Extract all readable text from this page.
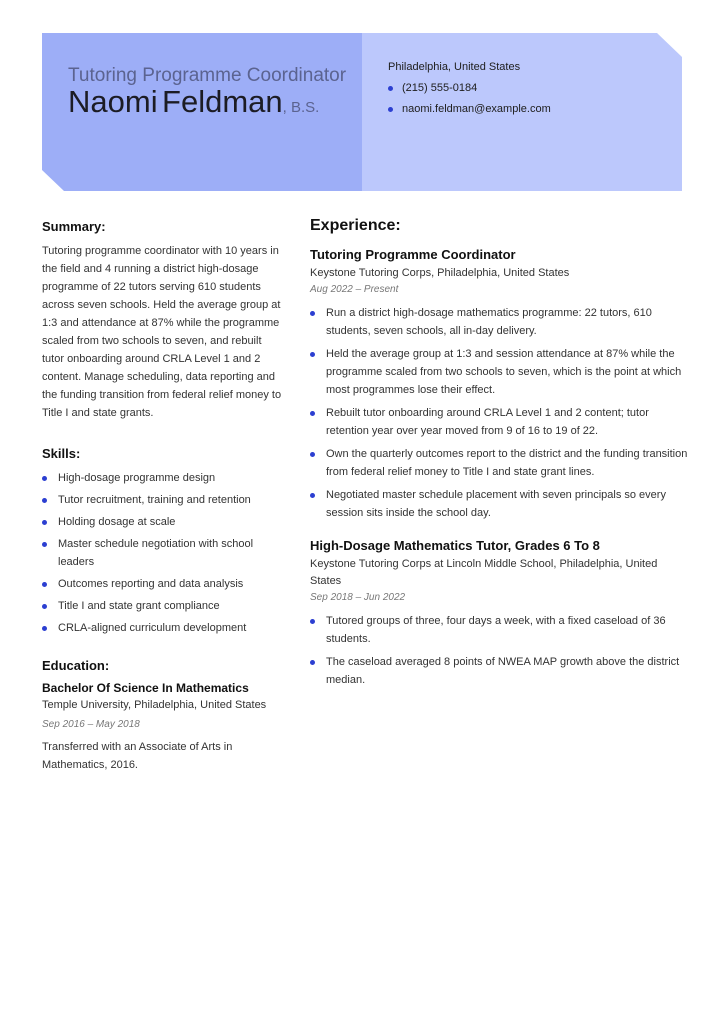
Tutoring Programme Coordinator Naomi Feldman, B.S.
Philadelphia, United States
(215) 555-0184
naomi.feldman@example.com
Summary:

Tutoring programme coordinator with 10 years in the field and 4 running a district high-dosage programme of 22 tutors serving 610 students across seven schools. Held the average group at 1:3 and attendance at 87% while the programme scaled from two schools to seven, and rebuilt tutor onboarding around CRLA Level 1 and 2 content. Manage scheduling, data reporting and the funding transition from federal relief money to Title I and state grants.

Skills:
High-dosage programme design
Tutor recruitment, training and retention
Holding dosage at scale
Master schedule negotiation with school leaders
Outcomes reporting and data analysis
Title I and state grant compliance
CRLA-aligned curriculum development
Education:
Bachelor Of Science In Mathematics
Temple University, Philadelphia, United States
Sep 2016 – May 2018
Transferred with an Associate of Arts in Mathematics, 2016.
Experience:
Tutoring Programme Coordinator
Keystone Tutoring Corps, Philadelphia, United States
Aug 2022 – Present
Run a district high-dosage mathematics programme: 22 tutors, 610 students, seven schools, all in-day delivery.
Held the average group at 1:3 and session attendance at 87% while the programme scaled from two schools to seven, which is the point at which most programmes lose their effect.
Rebuilt tutor onboarding around CRLA Level 1 and 2 content; tutor retention year over year moved from 9 of 16 to 19 of 22.
Own the quarterly outcomes report to the district and the funding transition from federal relief money to Title I and state grant lines.
Negotiated master schedule placement with seven principals so every session sits inside the school day.
High-Dosage Mathematics Tutor, Grades 6 To 8
Keystone Tutoring Corps at Lincoln Middle School, Philadelphia, United States
Sep 2018 – Jun 2022
Tutored groups of three, four days a week, with a fixed caseload of 36 students.
The caseload averaged 8 points of NWEA MAP growth above the district median.
